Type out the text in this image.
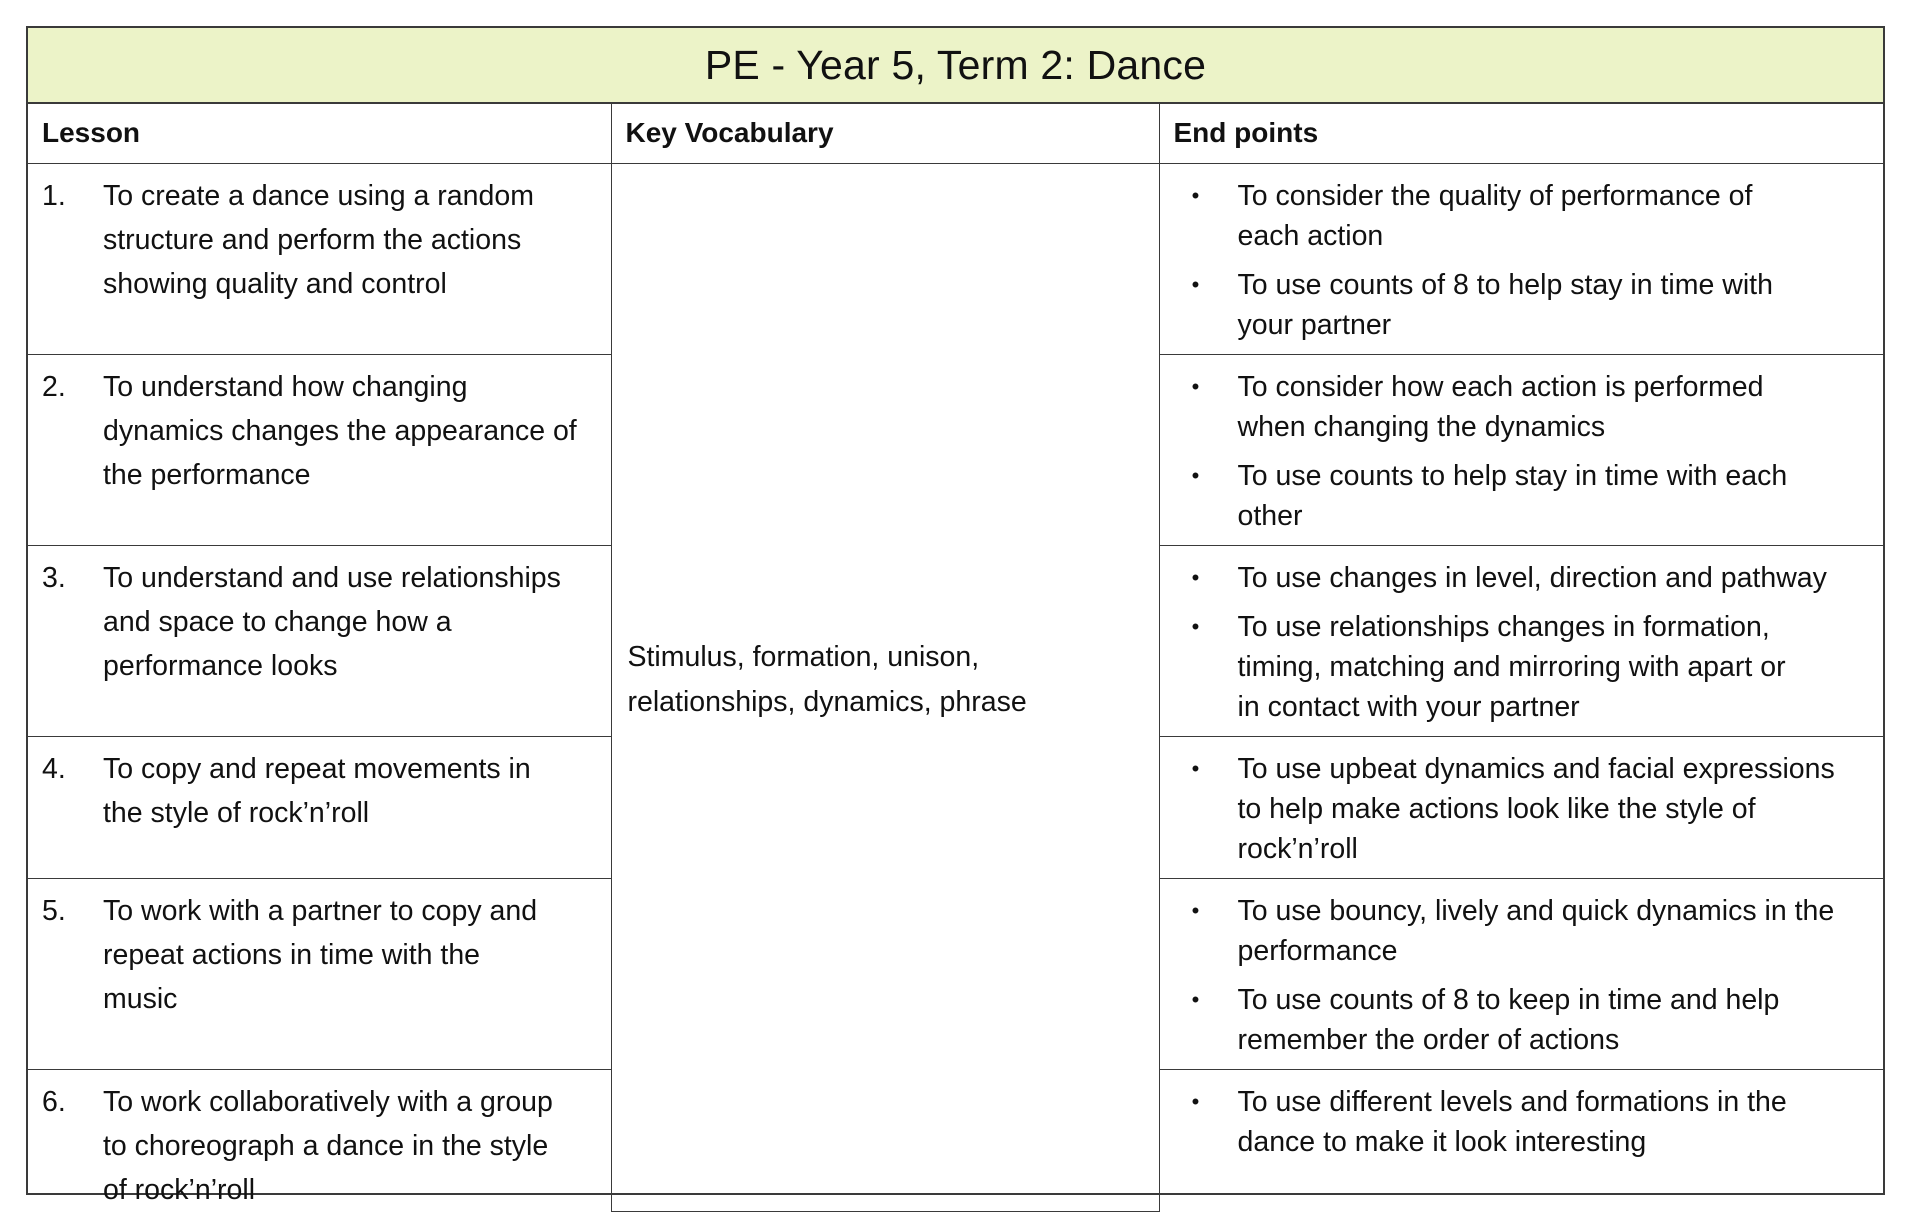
PE - Year 5, Term 2: Dance
Lesson	Key Vocabulary	End points

1.	To create a dance using a random
structure and perform the actions
showing quality and control

Stimulus, formation, unison,
relationships, dynamics, phrase

•	To consider the quality of performance of
each action
•	To use counts of 8 to help stay in time with
your partner

2.	To understand how changing
dynamics changes the appearance of
the performance

•	To consider how each action is performed
when changing the dynamics
•	To use counts to help stay in time with each
other

3.	To understand and use relationships
and space to change how a
performance looks

•	To use changes in level, direction and pathway
•	To use relationships changes in formation,
timing, matching and mirroring with apart or
in contact with your partner

4.	To copy and repeat movements in
the style of rock’n’roll

•	To use upbeat dynamics and facial expressions
to help make actions look like the style of
rock’n’roll

5.	To work with a partner to copy and
repeat actions in time with the
music

•	To use bouncy, lively and quick dynamics in the
performance
•	To use counts of 8 to keep in time and help
remember the order of actions

6.	To work collaboratively with a group
to choreograph a dance in the style
of rock’n’roll

•	To use different levels and formations in the
dance to make it look interesting
